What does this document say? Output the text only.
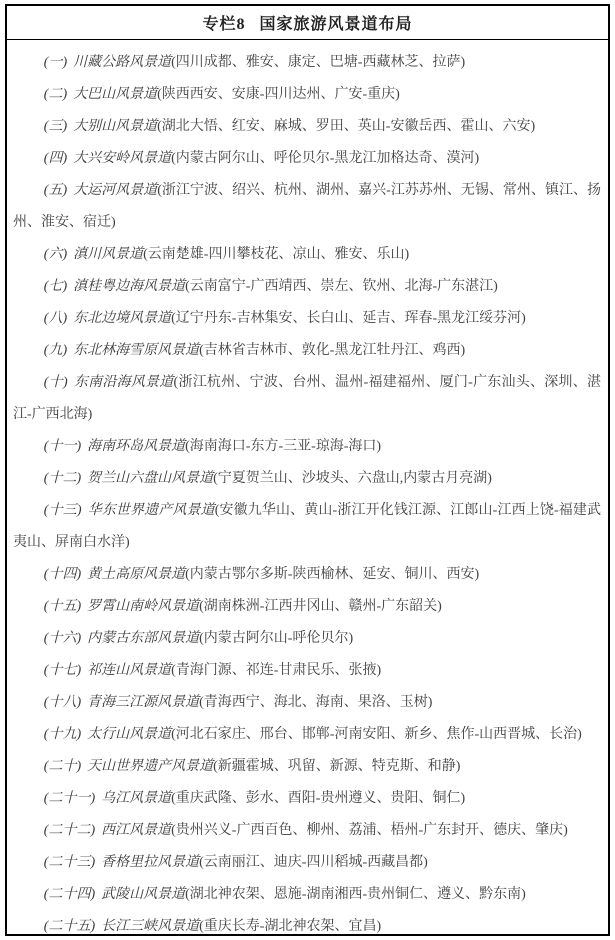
专栏8 国家旅游风景道布局

(一) 川藏公路风景道(四川成都、雅安、康定、巴塘-西藏林芝、拉萨)

(二) 大巴山风景道(陕西西安、安康-四川达州、广安-重庆)

(三) 大别山风景道(湖北大悟、红安、麻城、罗田、英山-安徽岳西、霍山、六安)

(四) 大兴安岭风景道(内蒙古阿尔山、呼伦贝尔-黑龙江加格达奇、漠河)

(五) 大运河风景道(浙江宁波、绍兴、杭州、湖州、嘉兴-江苏苏州、无锡、常州、镇江、扬州、淮安、宿迁)

(六) 滇川风景道(云南楚雄-四川攀枝花、凉山、雅安、乐山)

(七) 滇桂粤边海风景道(云南富宁-广西靖西、崇左、钦州、北海-广东湛江)

(八) 东北边境风景道(辽宁丹东-吉林集安、长白山、延吉、珲春-黑龙江绥芬河)

(九) 东北林海雪原风景道(吉林省吉林市、敦化-黑龙江牡丹江、鸡西)

(十) 东南沿海风景道(浙江杭州、宁波、台州、温州-福建福州、厦门-广东汕头、深圳、湛江-广西北海)

(十一) 海南环岛风景道(海南海口-东方-三亚-琼海-海口)

(十二) 贺兰山六盘山风景道(宁夏贺兰山、沙坡头、六盘山,内蒙古月亮湖)

(十三) 华东世界遗产风景道(安徽九华山、黄山-浙江开化钱江源、江郎山-江西上饶-福建武夷山、屏南白水洋)

(十四) 黄土高原风景道(内蒙古鄂尔多斯-陕西榆林、延安、铜川、西安)

(十五) 罗霄山南岭风景道(湖南株洲-江西井冈山、赣州-广东韶关)

(十六) 内蒙古东部风景道(内蒙古阿尔山-呼伦贝尔)

(十七) 祁连山风景道(青海门源、祁连-甘肃民乐、张掖)

(十八) 青海三江源风景道(青海西宁、海北、海南、果洛、玉树)

(十九) 太行山风景道(河北石家庄、邢台、邯郸-河南安阳、新乡、焦作-山西晋城、长治)

(二十) 天山世界遗产风景道(新疆霍城、巩留、新源、特克斯、和静)

(二十一) 乌江风景道(重庆武隆、彭水、酉阳-贵州遵义、贵阳、铜仁)

(二十二) 西江风景道(贵州兴义-广西百色、柳州、荔浦、梧州-广东封开、德庆、肇庆)

(二十三) 香格里拉风景道(云南丽江、迪庆-四川稻城-西藏昌都)

(二十四) 武陵山风景道(湖北神农架、恩施-湖南湘西-贵州铜仁、遵义、黔东南)

(二十五) 长江三峡风景道(重庆长寿-湖北神农架、宜昌)
